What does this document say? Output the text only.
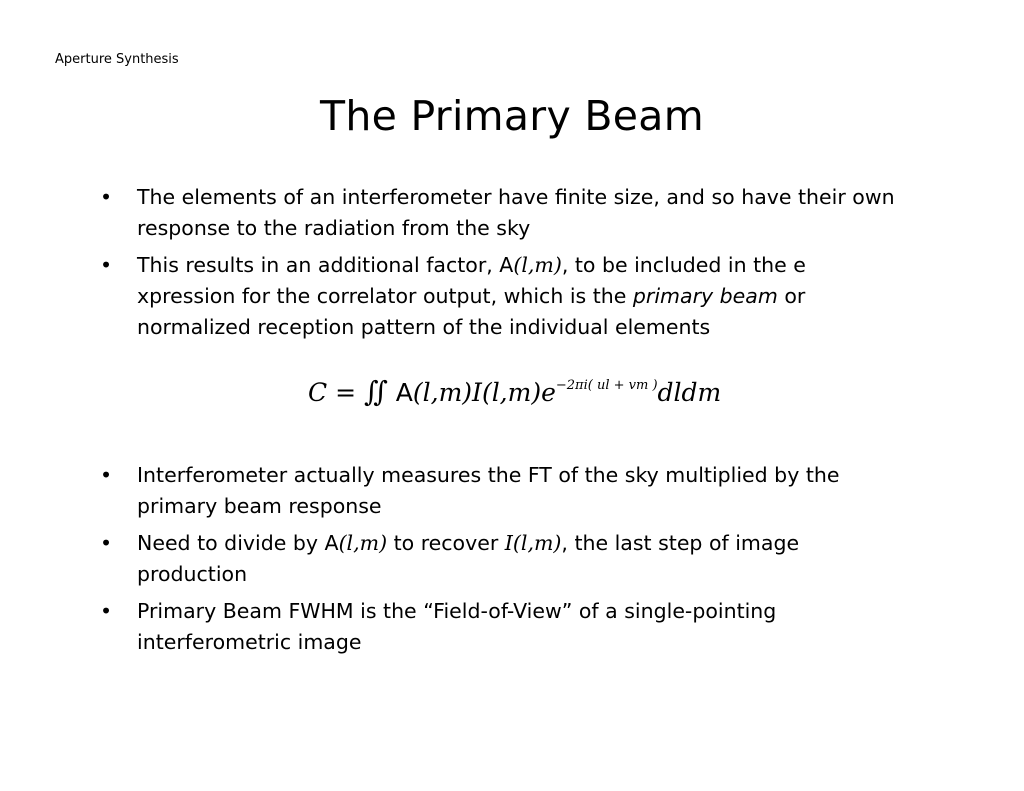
Aperture Synthesis
The Primary Beam
• The elements of an interferometer have finite size, and so have their own response to the radiation from the sky
• This results in an additional factor, A(l,m), to be included in the e xpression for the correlator output, which is the primary beam or normalized reception pattern of the individual elements
C = ∬ $A(l,m)I(l,m)e^{-2\pi i( ul + vm )}dldm$
• Interferometer actually measures the FT of the sky multiplied by the primary beam response
• Need to divide by A(l,m) to recover I(l,m), the last step of image production
• Primary Beam FWHM is the “Field-of-View” of a single-pointing interferometric image
